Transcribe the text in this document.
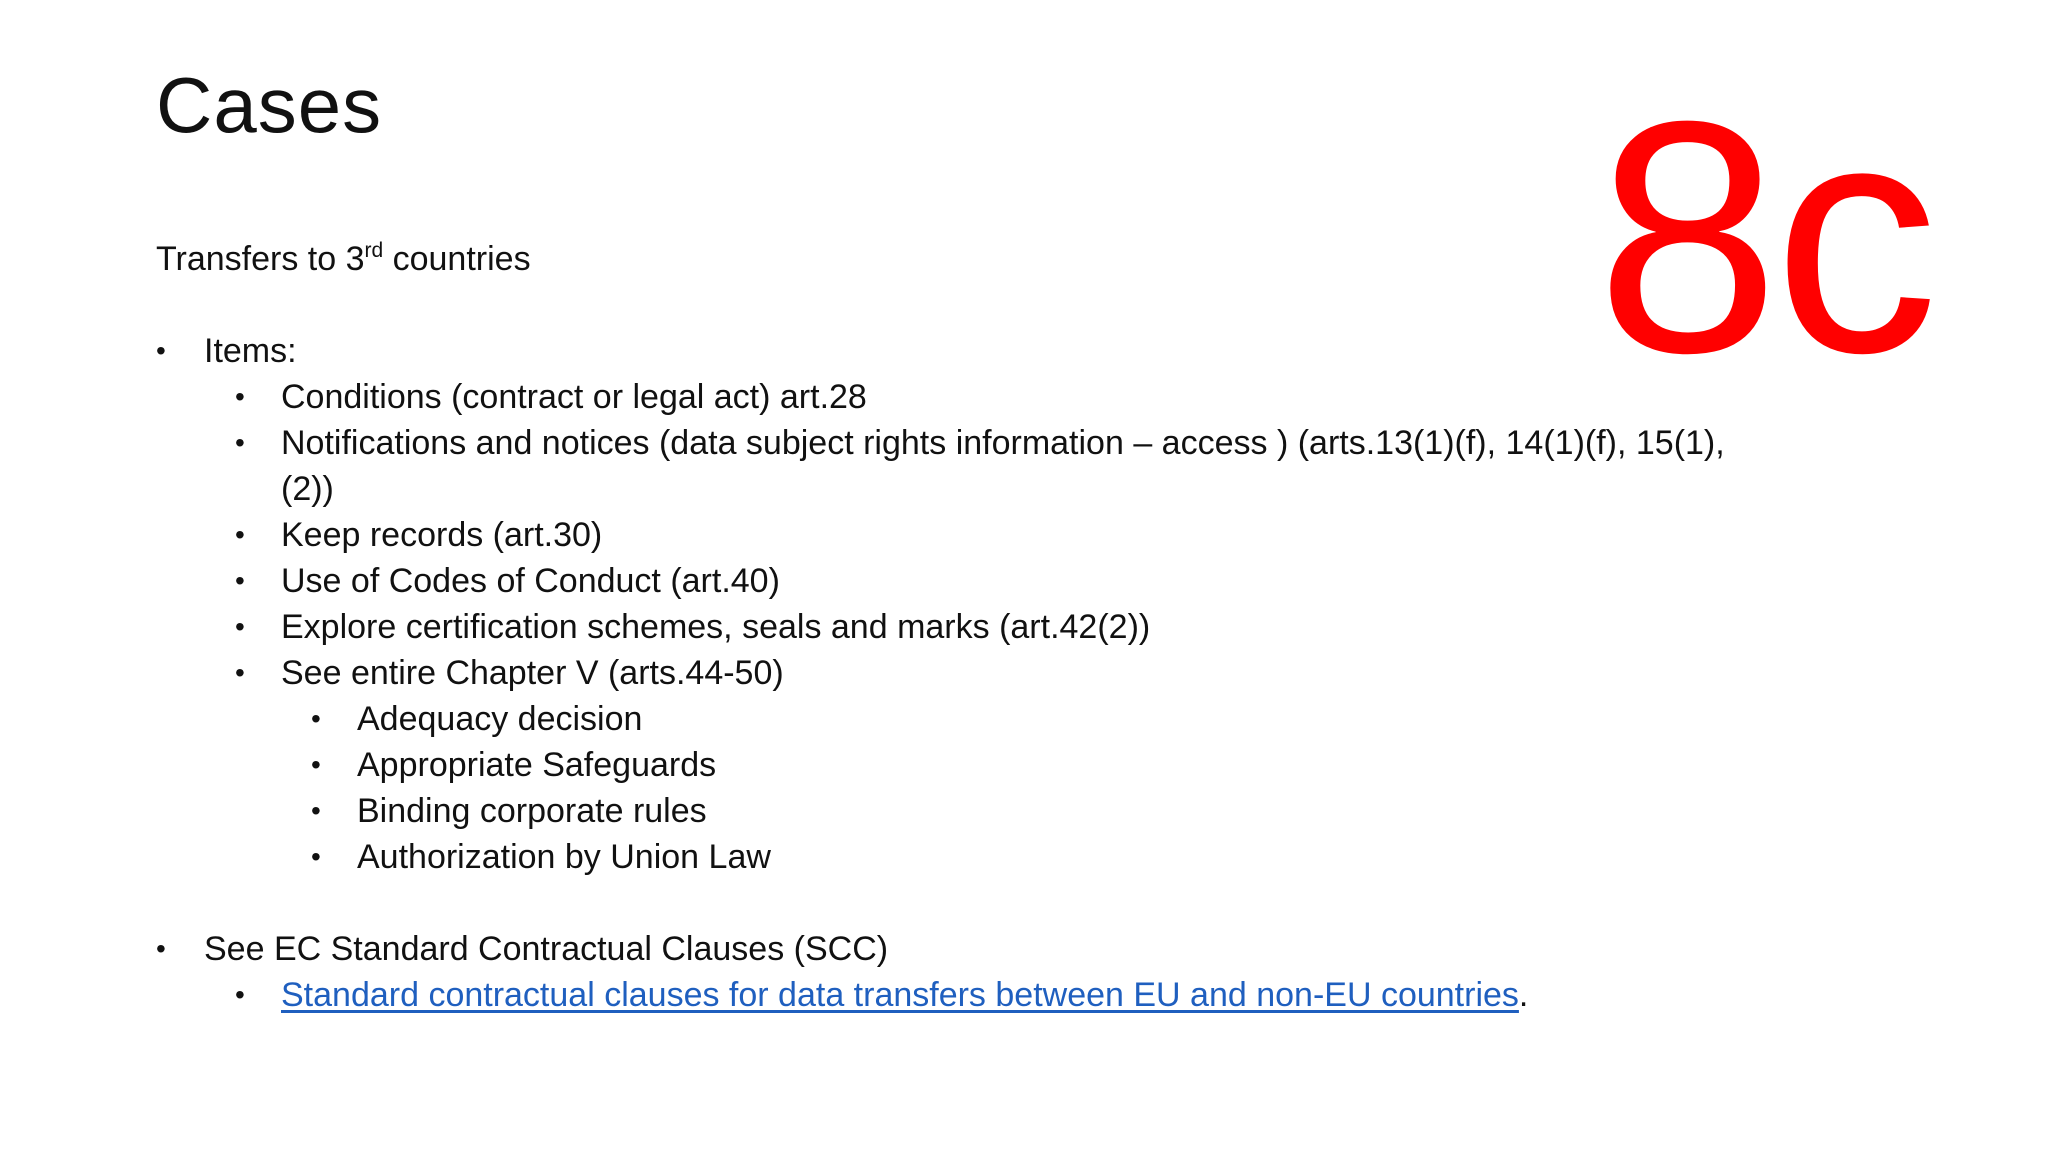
Cases	8c

Transfers to 3rd countries

• Items:
• Conditions (contract or legal act) art.28
• Notifications and notices (data subject rights information – access ) (arts.13(1)(f), 14(1)(f), 15(1), (2))
• Keep records (art.30)
• Use of Codes of Conduct (art.40)
• Explore certification schemes, seals and marks (art.42(2))
• See entire Chapter V (arts.44-50)
• Adequacy decision
• Appropriate Safeguards
• Binding corporate rules
• Authorization by Union Law
• See EC Standard Contractual Clauses (SCC)
• Standard contractual clauses for data transfers between EU and non-EU countries.
